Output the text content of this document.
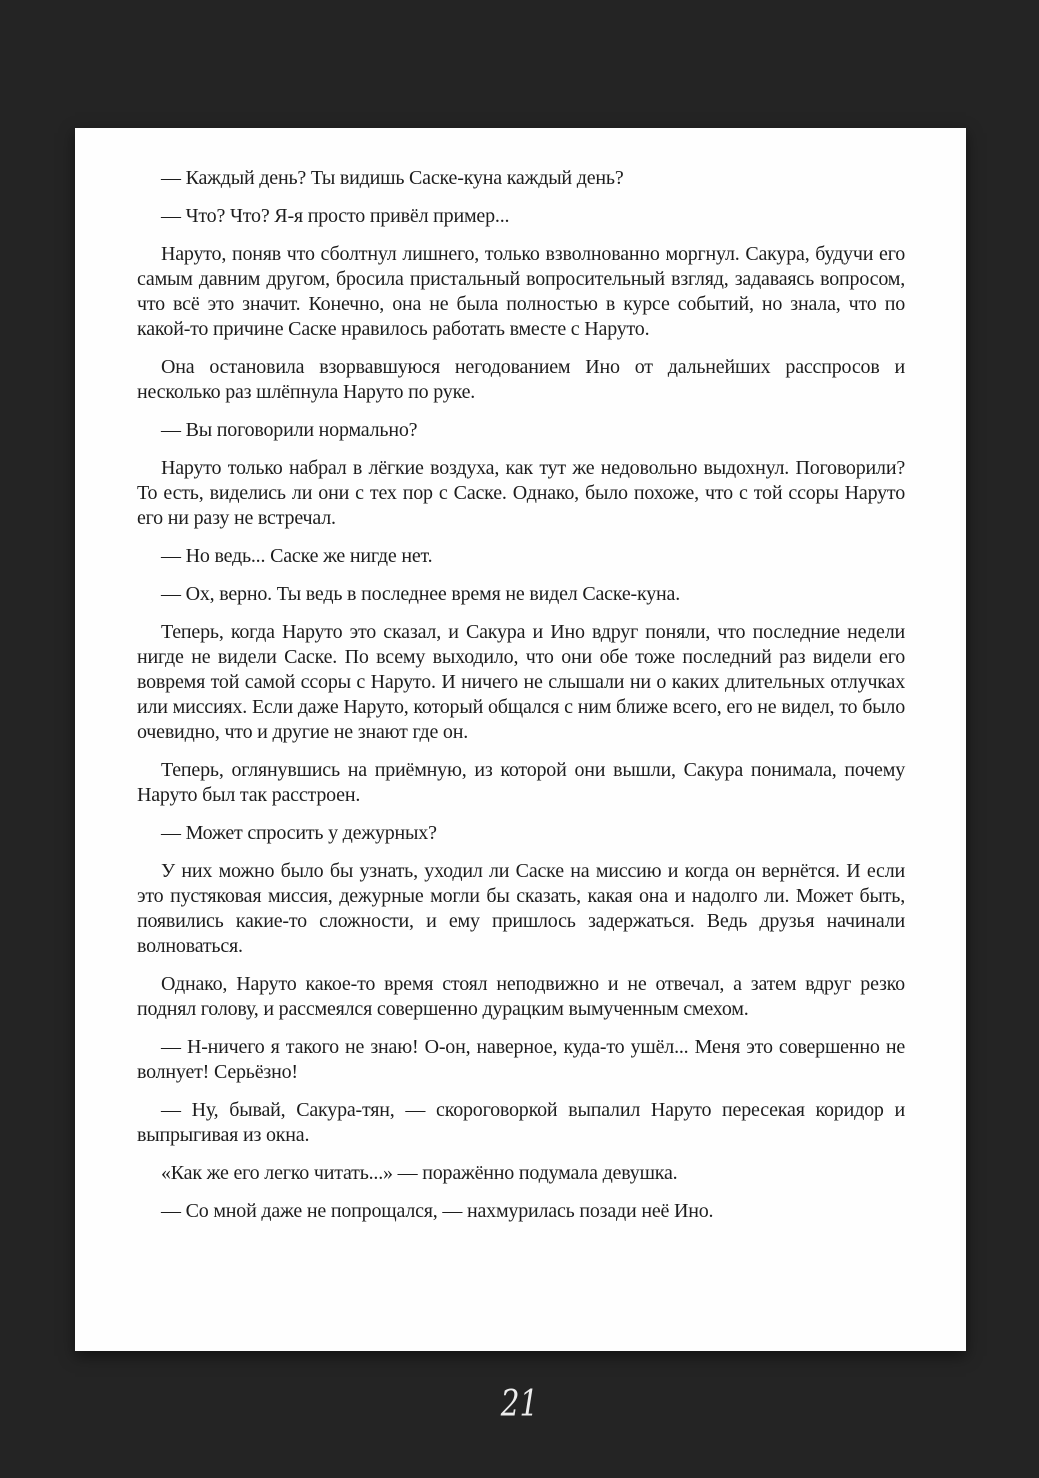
— Каждый день? Ты видишь Саске-куна каждый день?

— Что? Что? Я-я просто привёл пример...

Наруто, поняв что сболтнул лишнего, только взволнованно моргнул. Сакура, будучи его самым давним другом, бросила пристальный вопросительный взгляд, задаваясь вопросом, что всё это значит. Конечно, она не была полностью в курсе событий, но знала, что по какой-то причине Саске нравилось работать вместе с Наруто.

Она остановила взорвавшуюся негодованием Ино от дальнейших расспросов и несколько раз шлёпнула Наруто по руке.

— Вы поговорили нормально?

Наруто только набрал в лёгкие воздуха, как тут же недовольно выдохнул. Поговорили? То есть, виделись ли они с тех пор с Саске. Однако, было похоже, что с той ссоры Наруто его ни разу не встречал.

— Но ведь... Саске же нигде нет.

— Ох, верно. Ты ведь в последнее время не видел Саске-куна.

Теперь, когда Наруто это сказал, и Сакура и Ино вдруг поняли, что последние недели нигде не видели Саске. По всему выходило, что они обе тоже последний раз видели его вовремя той самой ссоры с Наруто. И ничего не слышали ни о каких длительных отлучках или миссиях. Если даже Наруто, который общался с ним ближе всего, его не видел, то было очевидно, что и другие не знают где он.

Теперь, оглянувшись на приёмную, из которой они вышли, Сакура понимала, почему Наруто был так расстроен.

— Может спросить у дежурных?

У них можно было бы узнать, уходил ли Саске на миссию и когда он вернётся. И если это пустяковая миссия, дежурные могли бы сказать, какая она и надолго ли. Может быть, появились какие-то сложности, и ему пришлось задержаться. Ведь друзья начинали волноваться.

Однако, Наруто какое-то время стоял неподвижно и не отвечал, а затем вдруг резко поднял голову, и рассмеялся совершенно дурацким вымученным смехом.

— Н-ничего я такого не знаю! О-он, наверное, куда-то ушёл... Меня это совершенно не волнует! Серьёзно!

— Ну, бывай, Сакура-тян, — скороговоркой выпалил Наруто пересекая коридор и выпрыгивая из окна.

«Как же его легко читать...» — поражённо подумала девушка.

— Со мной даже не попрощался, — нахмурилась позади неё Ино.

21
